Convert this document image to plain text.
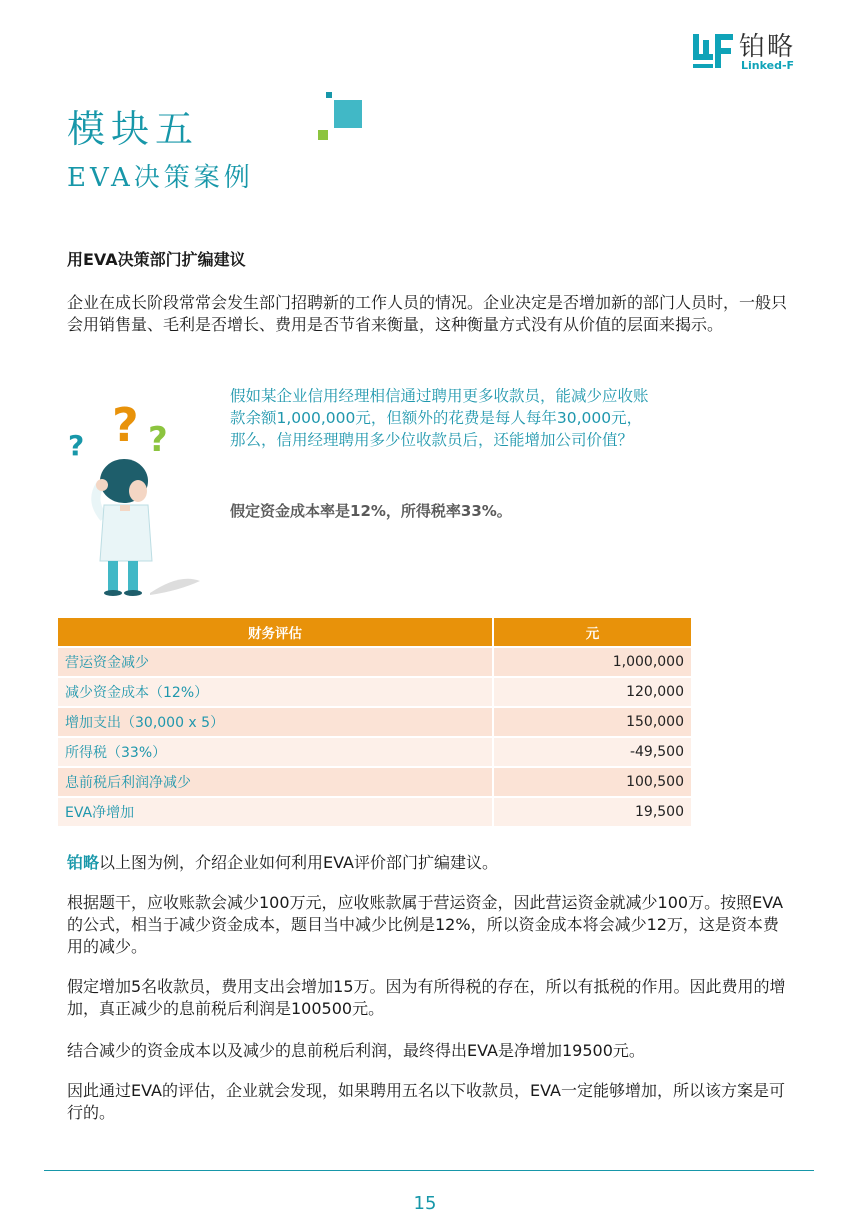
铂略
Linked-F
模块五
EVA决策案例
用EVA决策部门扩编建议
企业在成长阶段常常会发生部门招聘新的工作人员的情况。企业决定是否增加新的部门人员时，一般只会用销售量、毛利是否增长、费用是否节省来衡量，这种衡量方式没有从价值的层面来揭示。
? ?
?
假如某企业信用经理相信通过聘用更多收款员，能减少应收账款余额1,000,000元，但额外的花费是每人每年30,000元，那么，信用经理聘用多少位收款员后，还能增加公司价值？
假定资金成本率是12%，所得税率33%。
财务评估	元
营运资金减少	1,000,000
减少资金成本（12%）	120,000
增加支出（30,000 x 5）	150,000
所得税（33%）	-49,500
息前税后利润净减少	100,500
EVA净增加	19,500
铂略以上图为例，介绍企业如何利用EVA评价部门扩编建议。
根据题干，应收账款会减少100万元，应收账款属于营运资金，因此营运资金就减少100万。按照EVA的公式，相当于减少资金成本，题目当中减少比例是12%，所以资金成本将会减少12万，这是资本费用的减少。
假定增加5名收款员，费用支出会增加15万。因为有所得税的存在，所以有抵税的作用。因此费用的增加，真正减少的息前税后利润是100500元。
结合减少的资金成本以及减少的息前税后利润，最终得出EVA是净增加19500元。
因此通过EVA的评估，企业就会发现，如果聘用五名以下收款员，EVA一定能够增加，所以该方案是可行的。
15
